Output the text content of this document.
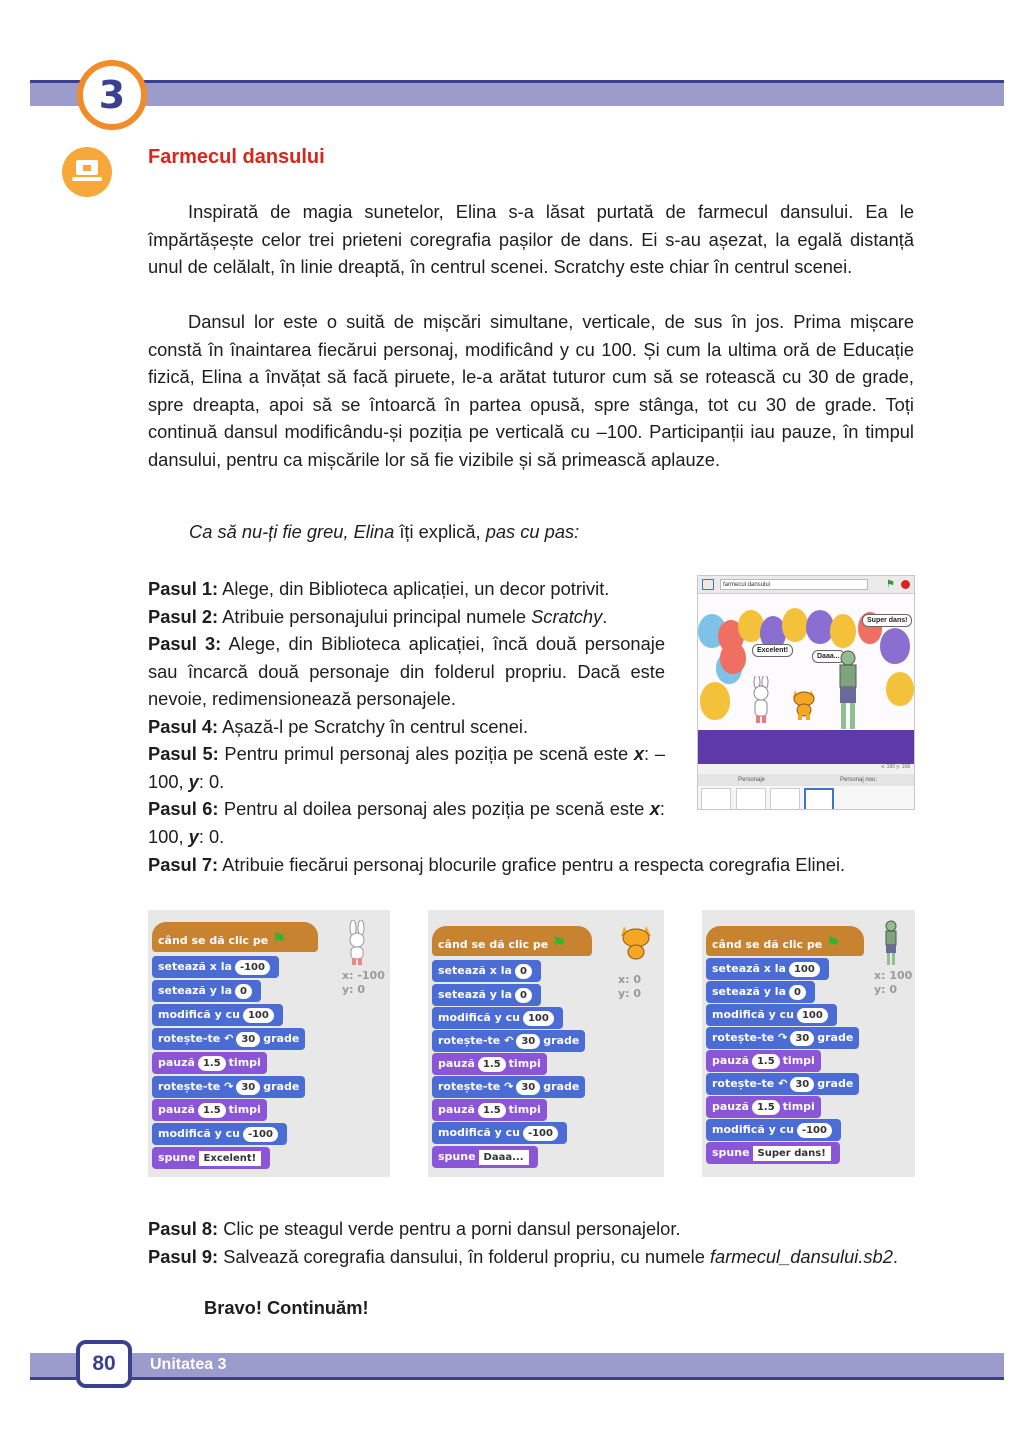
3
Farmecul dansului
Inspirată de magia sunetelor, Elina s-a lăsat purtată de farmecul dansului. Ea le împărtășește celor trei prieteni coregrafia pașilor de dans. Ei s-au așezat, la egală distanță unul de celălalt, în linie dreaptă, în centrul scenei. Scratchy este chiar în centrul scenei.
Dansul lor este o suită de mișcări simultane, verticale, de sus în jos. Prima mișcare constă în înaintarea fiecărui personaj, modificând y cu 100. Și cum la ultima oră de Educație fizică, Elina a învățat să facă piruete, le-a arătat tuturor cum să se rotească cu 30 de grade, spre dreapta, apoi să se întoarcă în partea opusă, spre stânga, tot cu 30 de grade. Toți continuă dansul modificându-și poziția pe verticală cu –100. Participanții iau pauze, în timpul dansului, pentru ca mișcările lor să fie vizibile și să primească aplauze.
Ca să nu-ți fie greu, Elina îți explică, pas cu pas:
Pasul 1: Alege, din Biblioteca aplicației, un decor potrivit.
Pasul 2: Atribuie personajului principal numele Scratchy.
Pasul 3: Alege, din Biblioteca aplicației, încă două personaje sau încarcă două personaje din folderul propriu. Dacă este nevoie, redimensionează personajele.
Pasul 4: Așază-l pe Scratchy în centrul scenei.
Pasul 5: Pentru primul personaj ales poziția pe scenă este x: –100, y: 0.
Pasul 6: Pentru al doilea personaj ales poziția pe scenă este x: 100, y: 0.
Pasul 7: Atribuie fiecărui personaj blocurile grafice pentru a respecta coregrafia Elinei.
farmecul dansului	⚑
Excelent!
Daaa...
Super dans!
x: 190 y: 168
Personaje	Personaj nou:
când se dă clic pe ⚑
x: -100
y: 0
setează x la -100
setează y la 0
modifică y cu 100
rotește-te ↶ 30 grade
pauză 1.5 timpi
rotește-te ↷ 30 grade
pauză 1.5 timpi
modifică y cu -100
spune Excelent!
când se dă clic pe ⚑
x: 0
y: 0
setează x la 0
setează y la 0
modifică y cu 100
rotește-te ↶ 30 grade
pauză 1.5 timpi
rotește-te ↷ 30 grade
pauză 1.5 timpi
modifică y cu -100
spune Daaa...
când se dă clic pe ⚑
x: 100
y: 0
setează x la 100
setează y la 0
modifică y cu 100
rotește-te ↷ 30 grade
pauză 1.5 timpi
rotește-te ↶ 30 grade
pauză 1.5 timpi
modifică y cu -100
spune Super dans!
Pasul 8: Clic pe steagul verde pentru a porni dansul personajelor.
Pasul 9: Salvează coregrafia dansului, în folderul propriu, cu numele farmecul_dansului.sb2.
Bravo! Continuăm!
80 Unitatea 3
